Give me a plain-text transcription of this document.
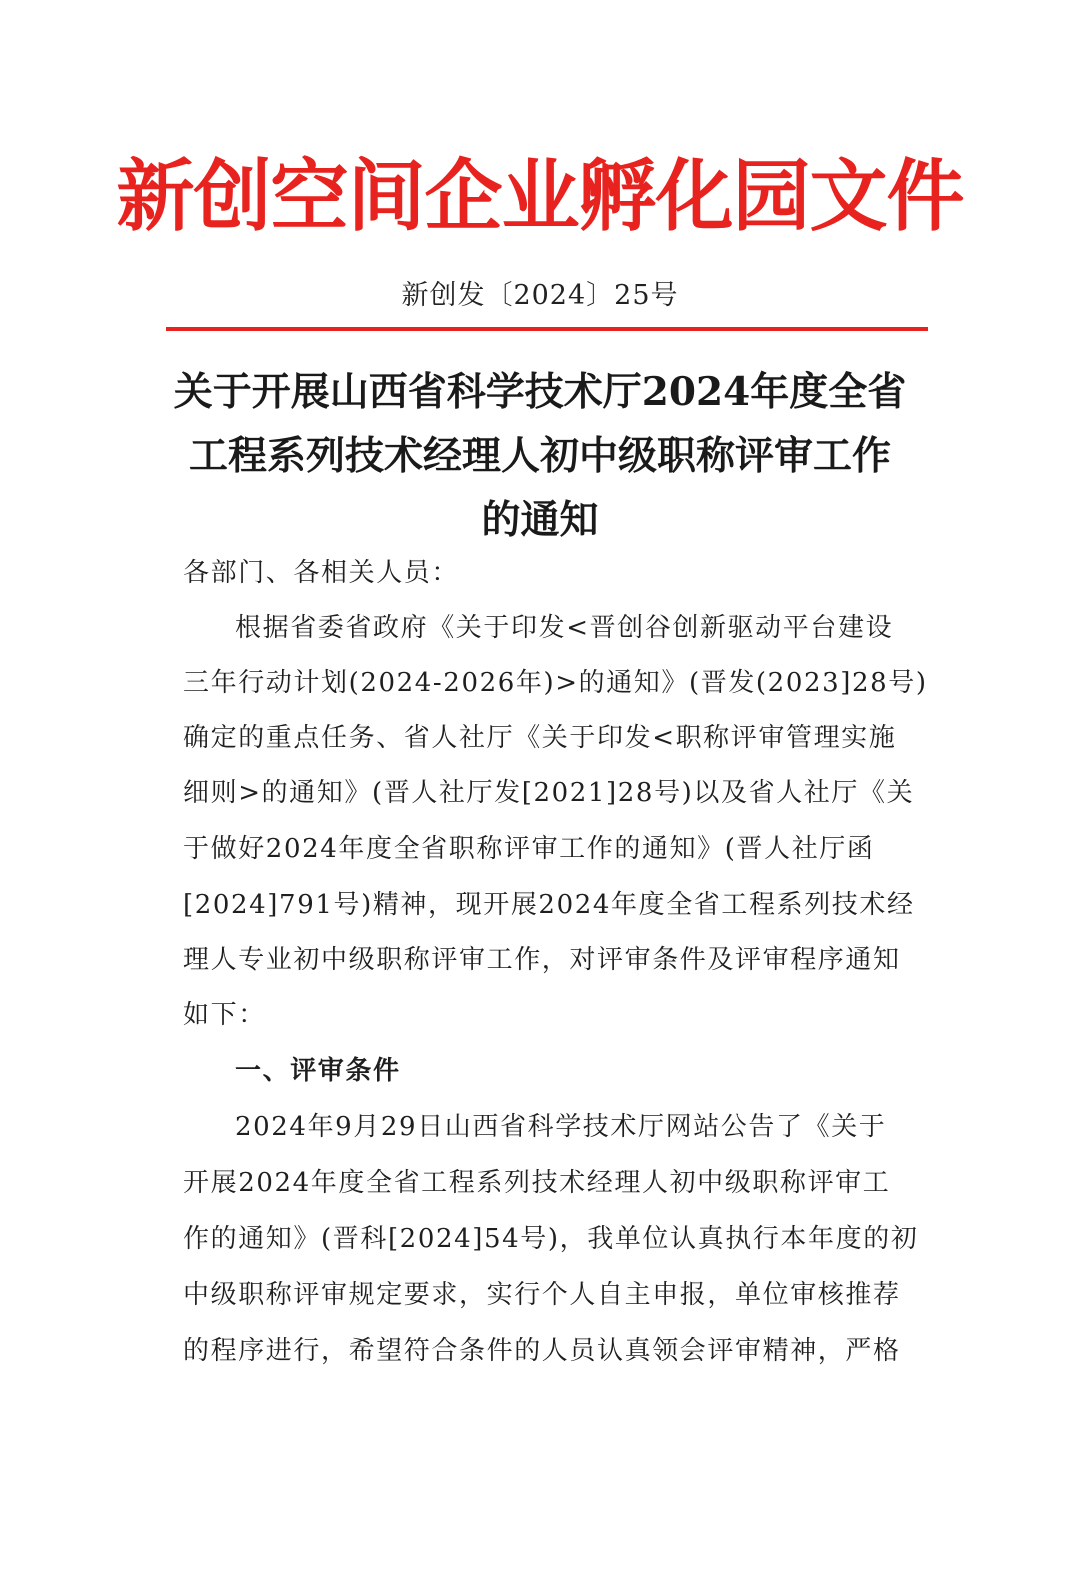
新创空间企业孵化园文件
新创发〔2024〕25号
关于开展山西省科学技术厅2024年度全省
工程系列技术经理人初中级职称评审工作
的通知
各部门、各相关人员：
根据省委省政府《关于印发<晋创谷创新驱动平台建设
三年行动计划(2024-2026年)>的通知》(晋发(2023]28号)
确定的重点任务、省人社厅《关于印发<职称评审管理实施
细则>的通知》(晋人社厅发[2021]28号)以及省人社厅《关
于做好2024年度全省职称评审工作的通知》(晋人社厅函
[2024]791号)精神，现开展2024年度全省工程系列技术经
理人专业初中级职称评审工作，对评审条件及评审程序通知
如下：
一、评审条件
2024年9月29日山西省科学技术厅网站公告了《关于
开展2024年度全省工程系列技术经理人初中级职称评审工
作的通知》(晋科[2024]54号)，我单位认真执行本年度的初
中级职称评审规定要求，实行个人自主申报，单位审核推荐
的程序进行，希望符合条件的人员认真领会评审精神，严格
